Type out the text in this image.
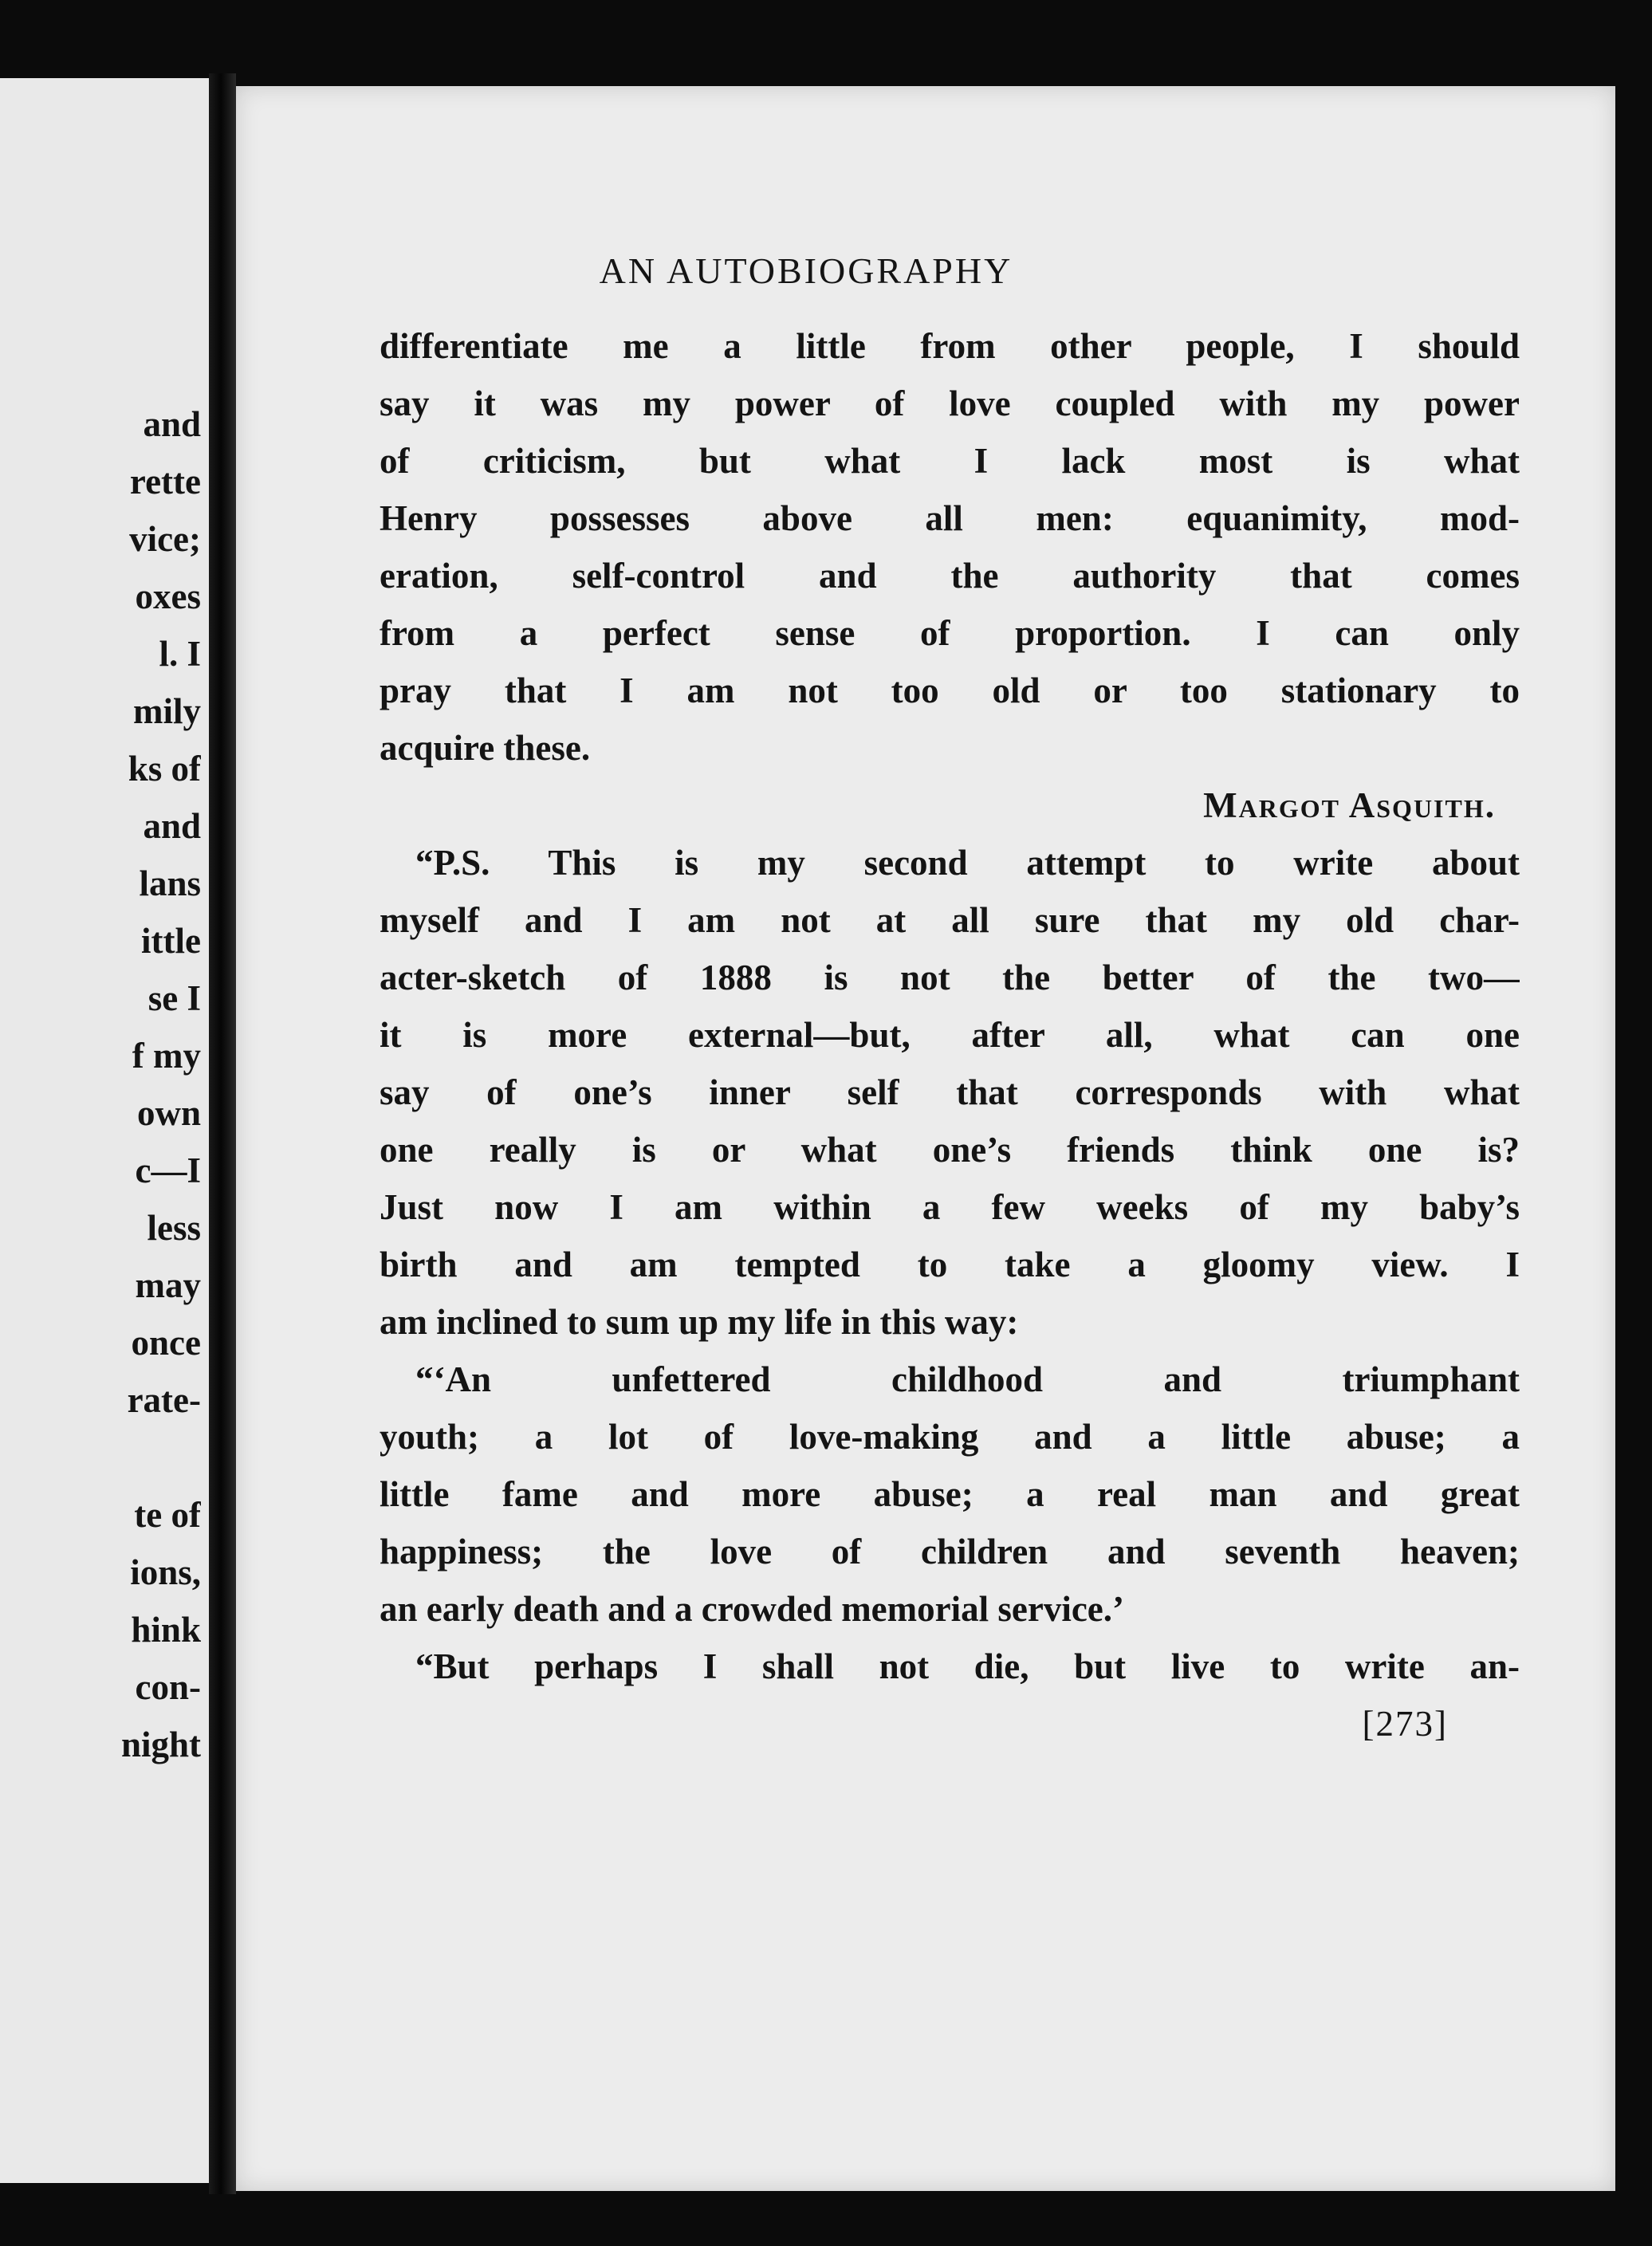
and
rette
vice;
oxes
l. I
mily
ks of
and
lans
ittle
se I
f my
own
c—I
less
may
once
rate-
te of
ions,
hink
con-
night
AN AUTOBIOGRAPHY
differentiate me a little from other people, I should
say it was my power of love coupled with my power
of criticism, but what I lack most is what
Henry possesses above all men: equanimity, mod-
eration, self-control and the authority that comes
from a perfect sense of proportion. I can only
pray that I am not too old or too stationary to
acquire these.
Margot Asquith.
“P.S. This is my second attempt to write about
myself and I am not at all sure that my old char-
acter-sketch of 1888 is not the better of the two—
it is more external—but, after all, what can one
say of one’s inner self that corresponds with what
one really is or what one’s friends think one is?
Just now I am within a few weeks of my baby’s
birth and am tempted to take a gloomy view. I
am inclined to sum up my life in this way:
“‘An unfettered childhood and triumphant
youth; a lot of love-making and a little abuse; a
little fame and more abuse; a real man and great
happiness; the love of children and seventh heaven;
an early death and a crowded memorial service.’
“But perhaps I shall not die, but live to write an-
[273]
